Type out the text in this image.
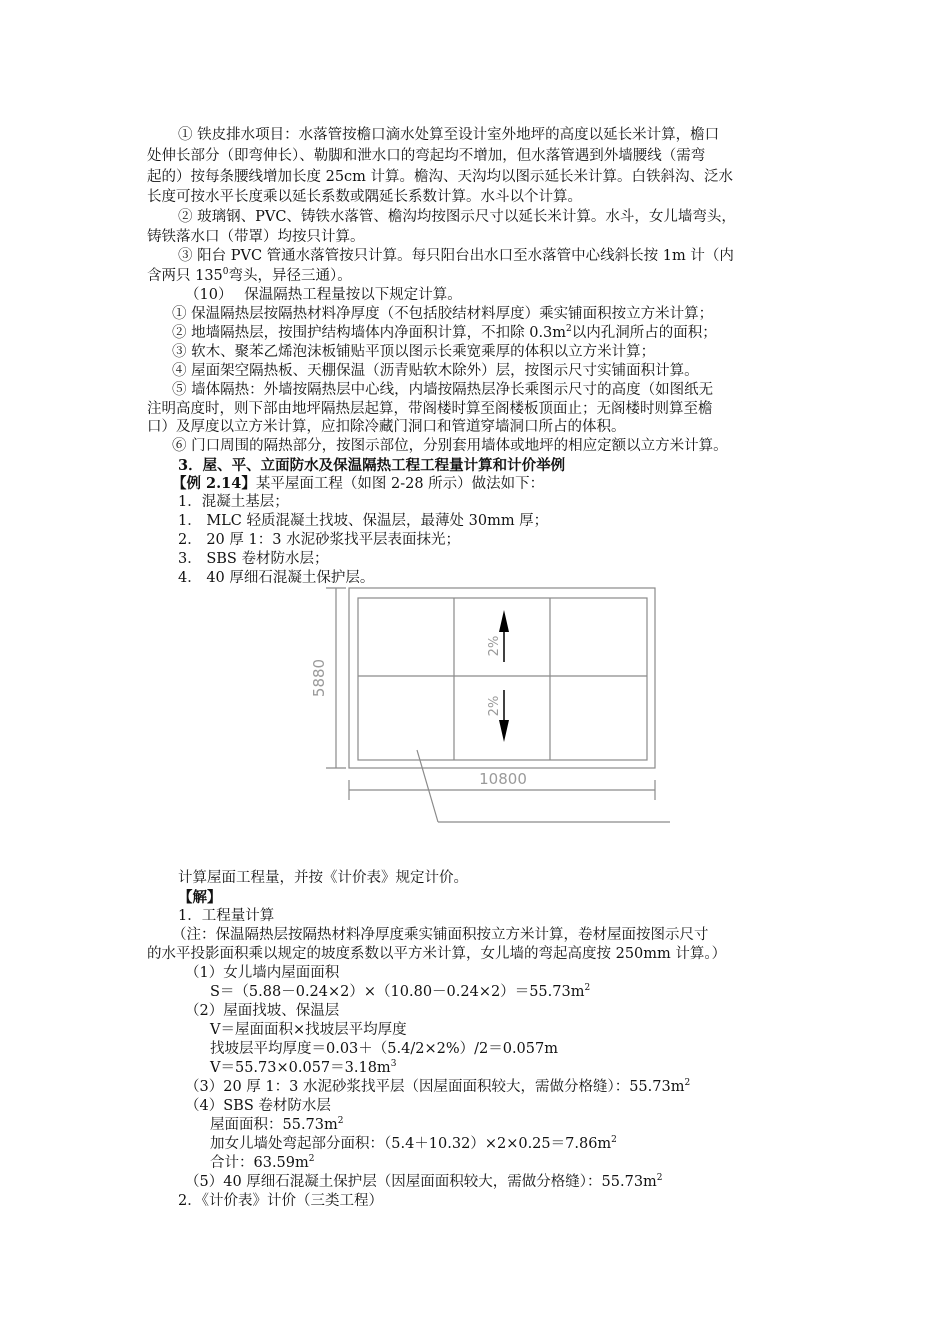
① 铁皮排水项目：水落管按檐口滴水处算至设计室外地坪的高度以延长米计算，檐口
处伸长部分（即弯伸长）、勒脚和泄水口的弯起均不增加，但水落管遇到外墙腰线（需弯
起的）按每条腰线增加长度 25cm 计算。檐沟、天沟均以图示延长米计算。白铁斜沟、泛水
长度可按水平长度乘以延长系数或隅延长系数计算。水斗以个计算。
② 玻璃钢、PVC、铸铁水落管、檐沟均按图示尺寸以延长米计算。水斗，女儿墙弯头，
铸铁落水口（带罩）均按只计算。
③ 阳台 PVC 管通水落管按只计算。每只阳台出水口至水落管中心线斜长按 1m 计（内
含两只 $135^0$弯头，异径三通）。
（10）　 保温隔热工程量按以下规定计算。
① 保温隔热层按隔热材料净厚度（不包括胶结材料厚度）乘实铺面积按立方米计算；
② 地墙隔热层，按围护结构墙体内净面积计算，不扣除 $0.3m^2$以内孔洞所占的面积；
③ 软木、聚苯乙烯泡沫板铺贴平顶以图示长乘宽乘厚的体积以立方米计算；
④ 屋面架空隔热板、天棚保温（沥青贴软木除外）层，按图示尺寸实铺面积计算。
⑤ 墙体隔热：外墙按隔热层中心线，内墙按隔热层净长乘图示尺寸的高度（如图纸无
注明高度时，则下部由地坪隔热层起算，带阁楼时算至阁楼板顶面止；无阁楼时则算至檐
口）及厚度以立方米计算，应扣除冷藏门洞口和管道穿墙洞口所占的体积。
⑥ 门口周围的隔热部分，按图示部位，分别套用墙体或地坪的相应定额以立方米计算。
3．屋、平、立面防水及保温隔热工程工程量计算和计价举例
【例 2.14】某平屋面工程（如图 2-28 所示）做法如下：
1．混凝土基层；
1． MLC 轻质混凝土找坡、保温层，最薄处 30mm 厚；
2． 20 厚 1：3 水泥砂浆找平层表面抹光；
3． SBS 卷材防水层；
4． 40 厚细石混凝土保护层。
5880
10800
2%
2%
计算屋面工程量，并按《计价表》规定计价。
【解】
1．工程量计算
（注：保温隔热层按隔热材料净厚度乘实铺面积按立方米计算，卷材屋面按图示尺寸
的水平投影面积乘以规定的坡度系数以平方米计算，女儿墙的弯起高度按 250mm 计算。）
（1）女儿墙内屋面面积
$S=(5.88-0.24\times 2)\times(10.80-0.24\times 2)=55.73m^2$
（2）屋面找坡、保温层
V＝屋面面积×找坡层平均厚度
找坡层平均厚度＝0.03＋（5.4/2×2%）/2＝0.057m
$V=55.73\times 0.057=3.18m^3$
（3）20 厚 1：3 水泥砂浆找平层（因屋面面积较大，需做分格缝）：$55.73m^2$
（4）SBS 卷材防水层
屋面面积：$55.73m^2$
加女儿墙处弯起部分面积：$(5.4+10.32)\times 2\times 0.25=7.86m^2$
合计：$63.59m^2$
（5）40 厚细石混凝土保护层（因屋面面积较大，需做分格缝）：$55.73m^2$
2．《计价表》计价（三类工程）
